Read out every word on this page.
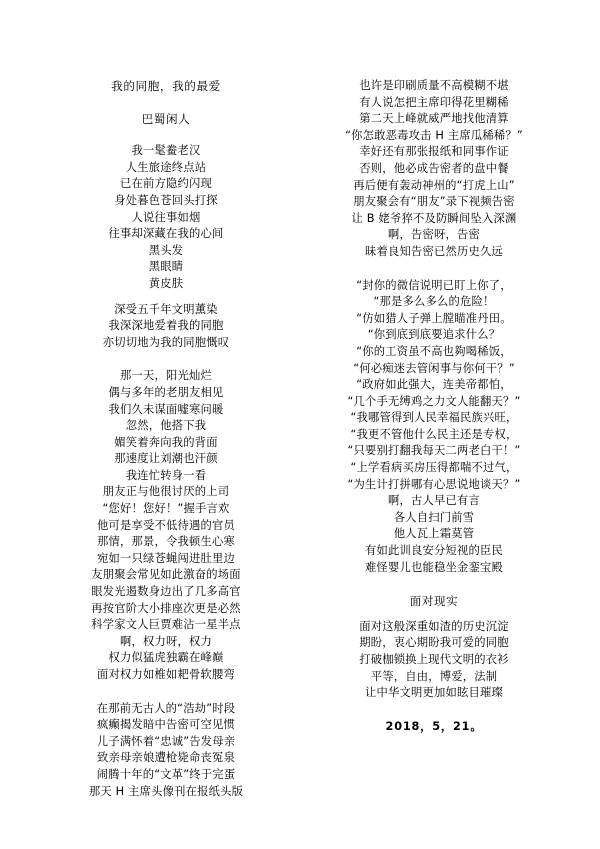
我的同胞，我的最爱
巴蜀闲人
我一髦鲞老汉
人生旅途终点站
已在前方隐约闪现
身处暮色苍回头打探
人说往事如烟
往事却深藏在我的心间
黑头发
黑眼睛
黄皮肤
深受五千年文明薰染
我深深地爱着我的同胞
亦切切地为我的同胞慨叹
那一天，阳光灿烂
偶与多年的老朋友相见
我们久未谋面嘘寒问暖
忽然，他搭下我
媚笑着奔向我的背面
那速度让刘潮也汗颜
我连忙转身一看
朋友正与他很讨厌的上司
“您好！您好！”握手言欢
他可是享受不低待遇的官员
那情，那景，令我顿生心寒
宛如一只绿苍蝇闯进肚里边
友朋聚会常见如此激奋的场面
眼发光遏数身边出了几多高官
再按官阶大小排座次更是必然
科学家文人巨贾难沾一星半点
啊，权力呀，权力
权力似猛虎独霸在峰巅
面对权力如椎如耙骨软腰弯
在那前无古人的“浩劫”时段
疯癫揭发暗中告密可空见惯
儿子满怀着“忠诚”告发母亲
致亲母亲娘遭枪毙命丧冤泉
闹腾十年的“文革”终于完蛋
那天 H 主席头像刊在报纸头版
也许是印刷质量不高模糊不堪
有人说怎把主席印得花里糊稀
第二天上峰就威严地找他清算
“你怎敢恶毒攻击 H 主席瓜稀稀？”
幸好还有那张报纸和同事作证
否则，他必成告密者的盘中餐
再后便有轰动神州的“打虎上山”
朋友聚会有“朋友”录下视频告密
让 B 姥爷猝不及防瞬间坠入深渊
啊，告密呀，告密
昧着良知告密已然历史久远
“封你的微信说明已盯上你了，
“那是多么多么的危险！
“仿如猎人子弹上膛瞄准丹田。
“你到底到底要追求什么？
“你的工资虽不高也夠喝稀饭，
“何必痴迷去管闲事与你何干？”
“政府如此强大，连美帝都怕，
“几个手无缚鸡之力文人能翻天？”
“我哪管得到人民幸福民族兴旺，
“我更不管他什么民主还是专权，
“只要别打翻我每天二两老白干！”
“上学看病买房压得都喘不过气，
“为生计打拼哪有心思说地谈天？”
啊，古人早已有言
各人自扫门前雪
他人瓦上霜莫管
有如此训良安分短视的臣民
难怪婴儿也能稳坐金銮宝殿
面对现实
面对这般深重如渣的历史沉淀
期盼，衷心期盼我可爱的同胞
打破枷锁换上现代文明的衣衫
平等，自由，博爱，法制
让中华文明更加如眩目璀璨
2018，5，21。
